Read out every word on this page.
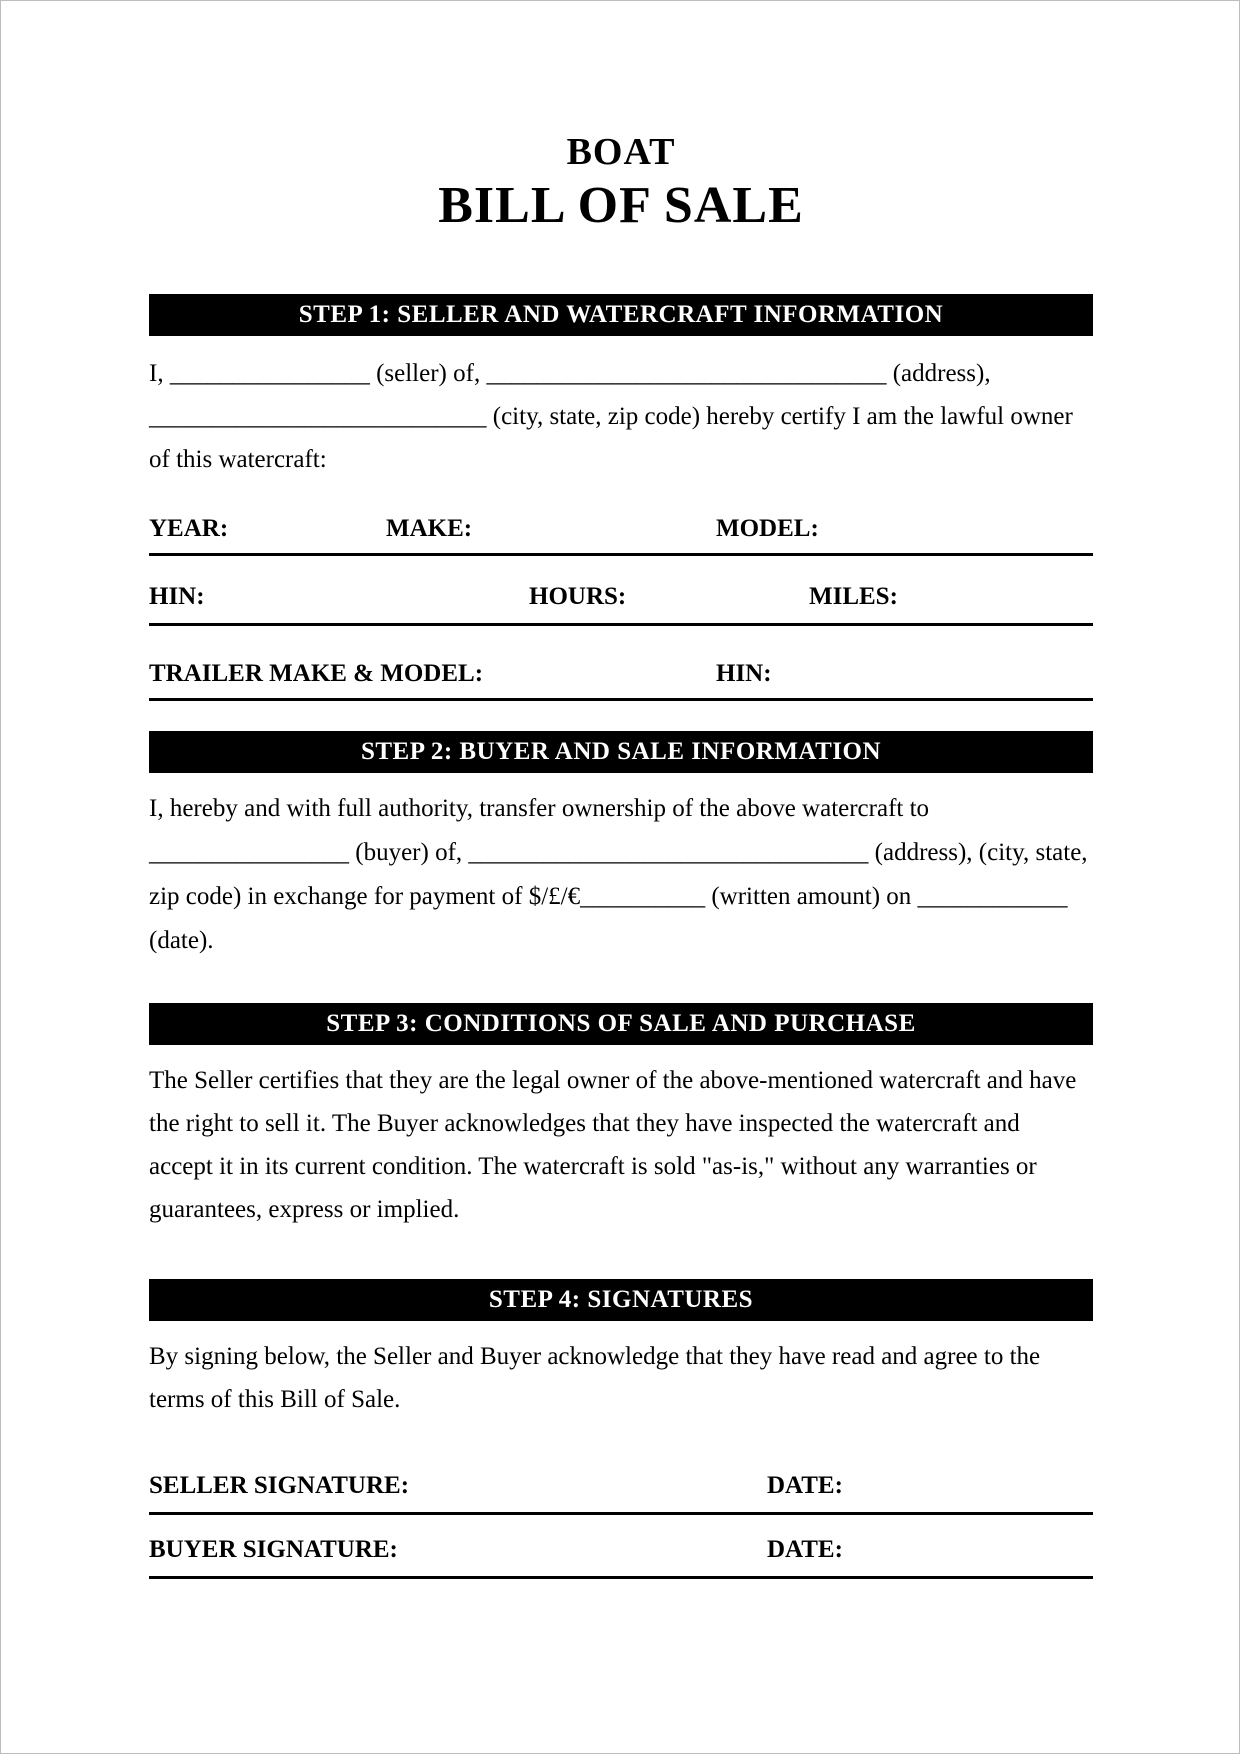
BOAT
BILL OF SALE
STEP 1: SELLER AND WATERCRAFT INFORMATION
I, ________________ (seller) of, ________________________________ (address),
___________________________ (city, state, zip code) hereby certify I am the lawful owner
of this watercraft:
YEAR:	MAKE:	MODEL:
HIN:	HOURS:	MILES:
TRAILER MAKE & MODEL:	HIN:
STEP 2: BUYER AND SALE INFORMATION
I, hereby and with full authority, transfer ownership of the above watercraft to
________________ (buyer) of, ________________________________ (address), (city, state,
zip code) in exchange for payment of $/£/€__________ (written amount) on ____________
(date).
STEP 3: CONDITIONS OF SALE AND PURCHASE
The Seller certifies that they are the legal owner of the above-mentioned watercraft and have
the right to sell it. The Buyer acknowledges that they have inspected the watercraft and
accept it in its current condition. The watercraft is sold "as-is," without any warranties or
guarantees, express or implied.
STEP 4: SIGNATURES
By signing below, the Seller and Buyer acknowledge that they have read and agree to the
terms of this Bill of Sale.
SELLER SIGNATURE:	DATE:
BUYER SIGNATURE:	DATE:
